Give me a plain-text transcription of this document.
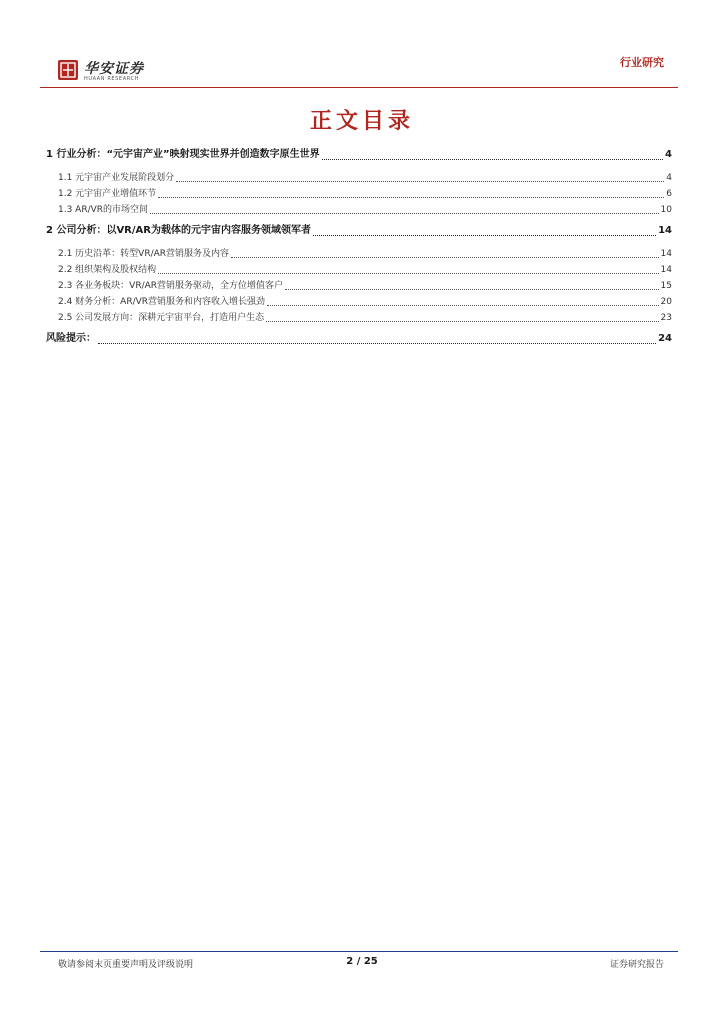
华安证券
HUAAN RESEARCH
行业研究
正文目录
1 行业分析：“元宇宙产业”映射现实世界并创造数字原生世界	4
1.1 元宇宙产业发展阶段划分	4
1.2 元宇宙产业增值环节	6
1.3 AR/VR的市场空间	10
2 公司分析：以VR/AR为载体的元宇宙内容服务领域领军者	14
2.1 历史沿革：转型VR/AR营销服务及内容	14
2.2 组织架构及股权结构	14
2.3 各业务板块：VR/AR营销服务驱动，全方位增值客户	15
2.4 财务分析：AR/VR营销服务和内容收入增长强劲	20
2.5 公司发展方向：深耕元宇宙平台，打造用户生态	23
风险提示：	24
敬请参阅末页重要声明及评级说明	2 / 25	证券研究报告
